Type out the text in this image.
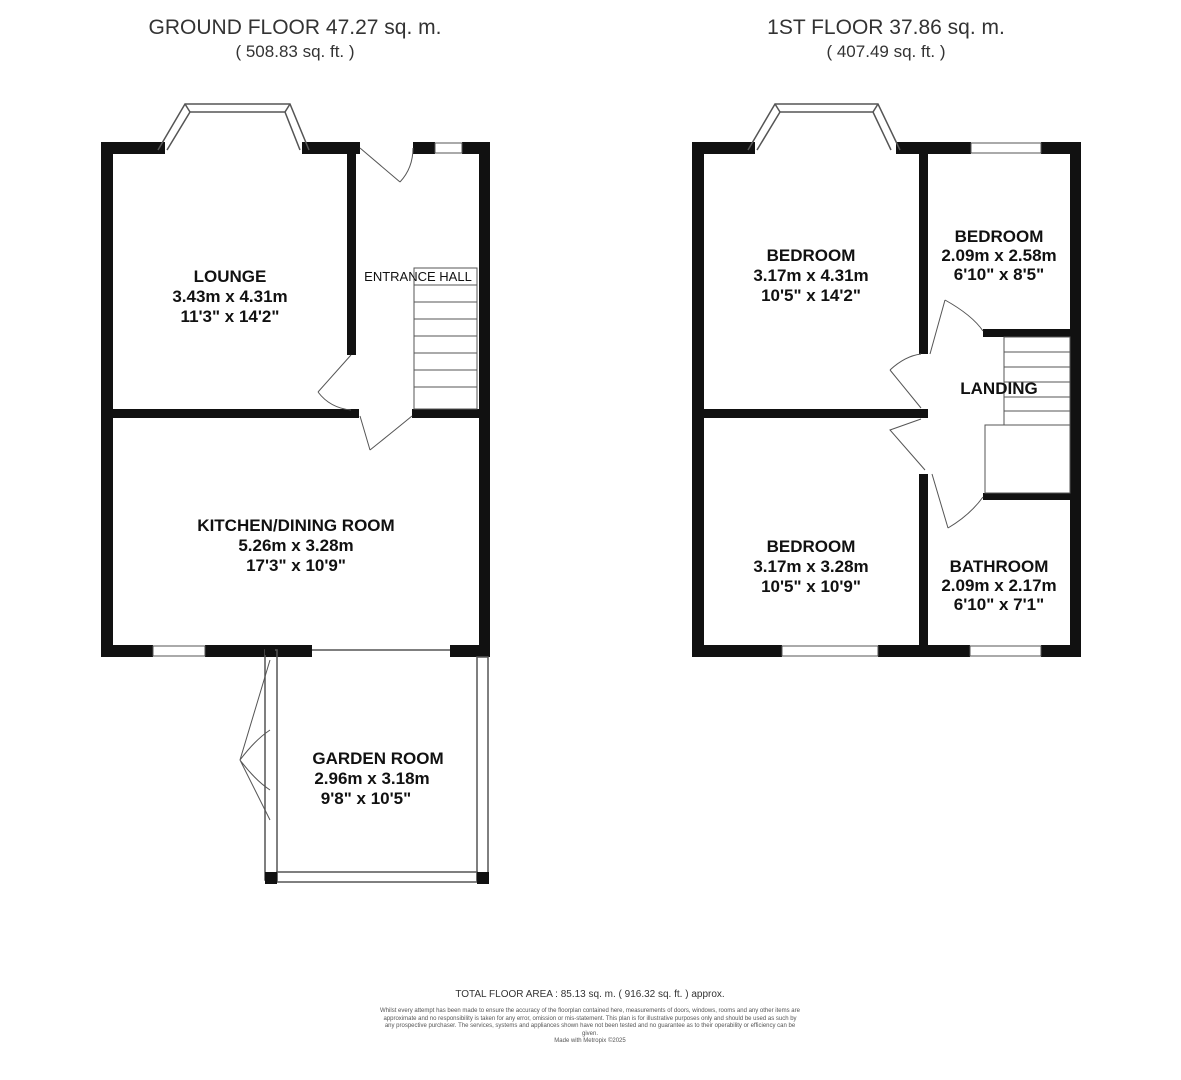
GROUND FLOOR 47.27 sq. m.
( 508.83 sq. ft. )
1ST FLOOR 37.86 sq. m.
( 407.49 sq. ft. )
LOUNGE
3.43m x 4.31m
11'3" x 14'2"
ENTRANCE HALL
KITCHEN/DINING ROOM
5.26m x 3.28m
17'3" x 10'9"
GARDEN ROOM
2.96m x 3.18m
9'8" x 10'5"
BEDROOM
3.17m x 4.31m
10'5" x 14'2"
BEDROOM
2.09m x 2.58m
6'10" x 8'5"
LANDING
BEDROOM
3.17m x 3.28m
10'5" x 10'9"
BATHROOM
2.09m x 2.17m
6'10" x 7'1"
TOTAL FLOOR AREA : 85.13 sq. m. ( 916.32 sq. ft. ) approx.
Whilst every attempt has been made to ensure the accuracy of the floorplan contained here, measurements of doors, windows, rooms and any other items are approximate and no responsibility is taken for any error, omission or mis-statement. This plan is for illustrative purposes only and should be used as such by any prospective purchaser. The services, systems and appliances shown have not been tested and no guarantee as to their operability or efficiency can be given.
Made with Metropix ©2025
